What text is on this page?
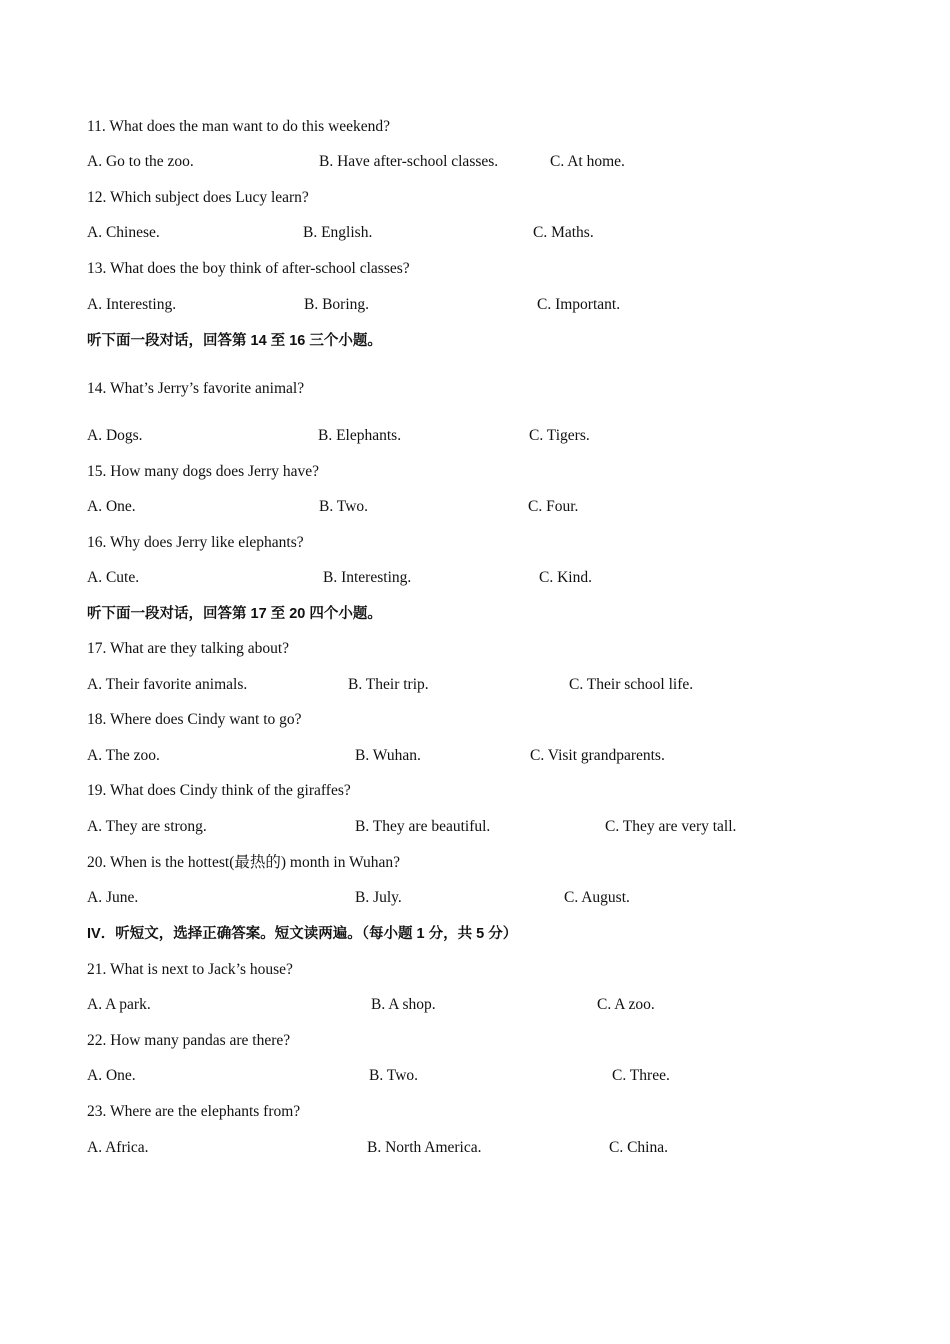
11. What does the man want to do this weekend?
A. Go to the zoo.	B. Have after-school classes.	C. At home.
12. Which subject does Lucy learn?
A. Chinese.	B. English.	C. Maths.
13. What does the boy think of after-school classes?
A. Interesting.	B. Boring.	C. Important.
听下面一段对话，回答第 14 至 16 三个小题。
14. What’s Jerry’s favorite animal?
A. Dogs.	B. Elephants.	C. Tigers.
15. How many dogs does Jerry have?
A. One.	B. Two.	C. Four.
16. Why does Jerry like elephants?
A. Cute.	B. Interesting.	C. Kind.
听下面一段对话，回答第 17 至 20 四个小题。
17. What are they talking about?
A. Their favorite animals.	B. Their trip.	C. Their school life.
18. Where does Cindy want to go?
A. The zoo.	B. Wuhan.	C. Visit grandparents.
19. What does Cindy think of the giraffes?
A. They are strong.	B. They are beautiful.	C. They are very tall.
20. When is the hottest(最热的) month in Wuhan?
A. June.	B. July.	C. August.
IV．听短文，选择正确答案。短文读两遍。（每小题 1 分，共 5 分）
21. What is next to Jack’s house?
A. A park.	B. A shop.	C. A zoo.
22. How many pandas are there?
A. One.	B. Two.	C. Three.
23. Where are the elephants from?
A. Africa.	B. North America.	C. China.
